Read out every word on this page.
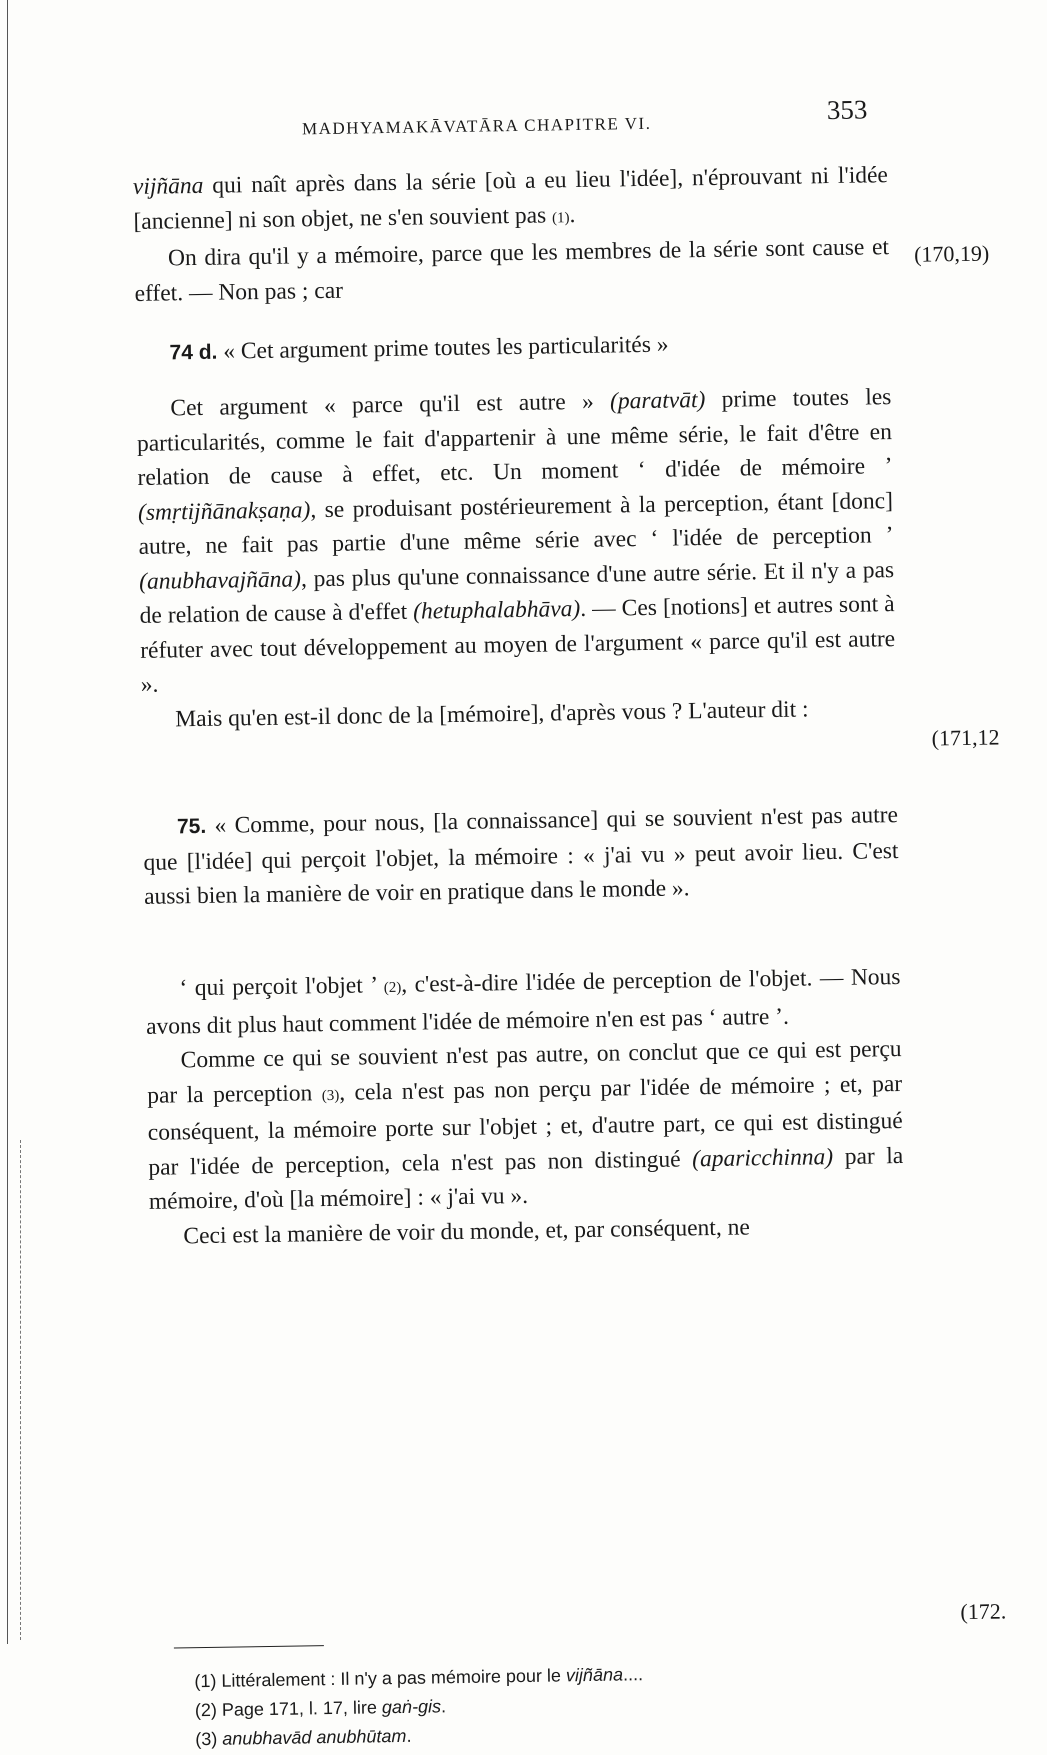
MADHYAMAKĀVATĀRA CHAPITRE VI.
353
(170,19)
(171,12
(172.

vijñāna qui naît après dans la série [où a eu lieu l'idée], n'éprouvant ni l'idée [ancienne] ni son objet, ne s'en souvient pas (1).

On dira qu'il y a mémoire, parce que les membres de la série sont cause et effet. — Non pas ; car

74 d. « Cet argument prime toutes les particularités »

Cet argument « parce qu'il est autre » (paratvāt) prime toutes les particularités, comme le fait d'appartenir à une même série, le fait d'être en relation de cause à effet, etc. Un moment ‘ d'idée de mémoire ’ (smṛtijñānakṣaṇa), se produisant postérieurement à la perception, étant [donc] autre, ne fait pas partie d'une même série avec ‘ l'idée de perception ’ (anubhavajñāna), pas plus qu'une connaissance d'une autre série. Et il n'y a pas de relation de cause à d'effet (hetuphalabhāva). — Ces [notions] et autres sont à réfuter avec tout développement au moyen de l'argument « parce qu'il est autre ».

Mais qu'en est-il donc de la [mémoire], d'après vous ? L'auteur dit :

75. « Comme, pour nous, [la connaissance] qui se souvient n'est pas autre que [l'idée] qui perçoit l'objet, la mémoire : « j'ai vu » peut avoir lieu. C'est aussi bien la manière de voir en pratique dans le monde ».

‘ qui perçoit l'objet ’ (2), c'est-à-dire l'idée de perception de l'objet. — Nous avons dit plus haut comment l'idée de mémoire n'en est pas ‘ autre ’.

Comme ce qui se souvient n'est pas autre, on conclut que ce qui est perçu par la perception (3), cela n'est pas non perçu par l'idée de mémoire ; et, par conséquent, la mémoire porte sur l'objet ; et, d'autre part, ce qui est distingué par l'idée de perception, cela n'est pas non distingué (aparicchinna) par la mémoire, d'où [la mémoire] : « j'ai vu ».

Ceci est la manière de voir du monde, et, par conséquent, ne

(1) Littéralement : Il n'y a pas mémoire pour le vijñāna....

(2) Page 171, l. 17, lire gaṅ-gis.

(3) anubhavād anubhūtam.
